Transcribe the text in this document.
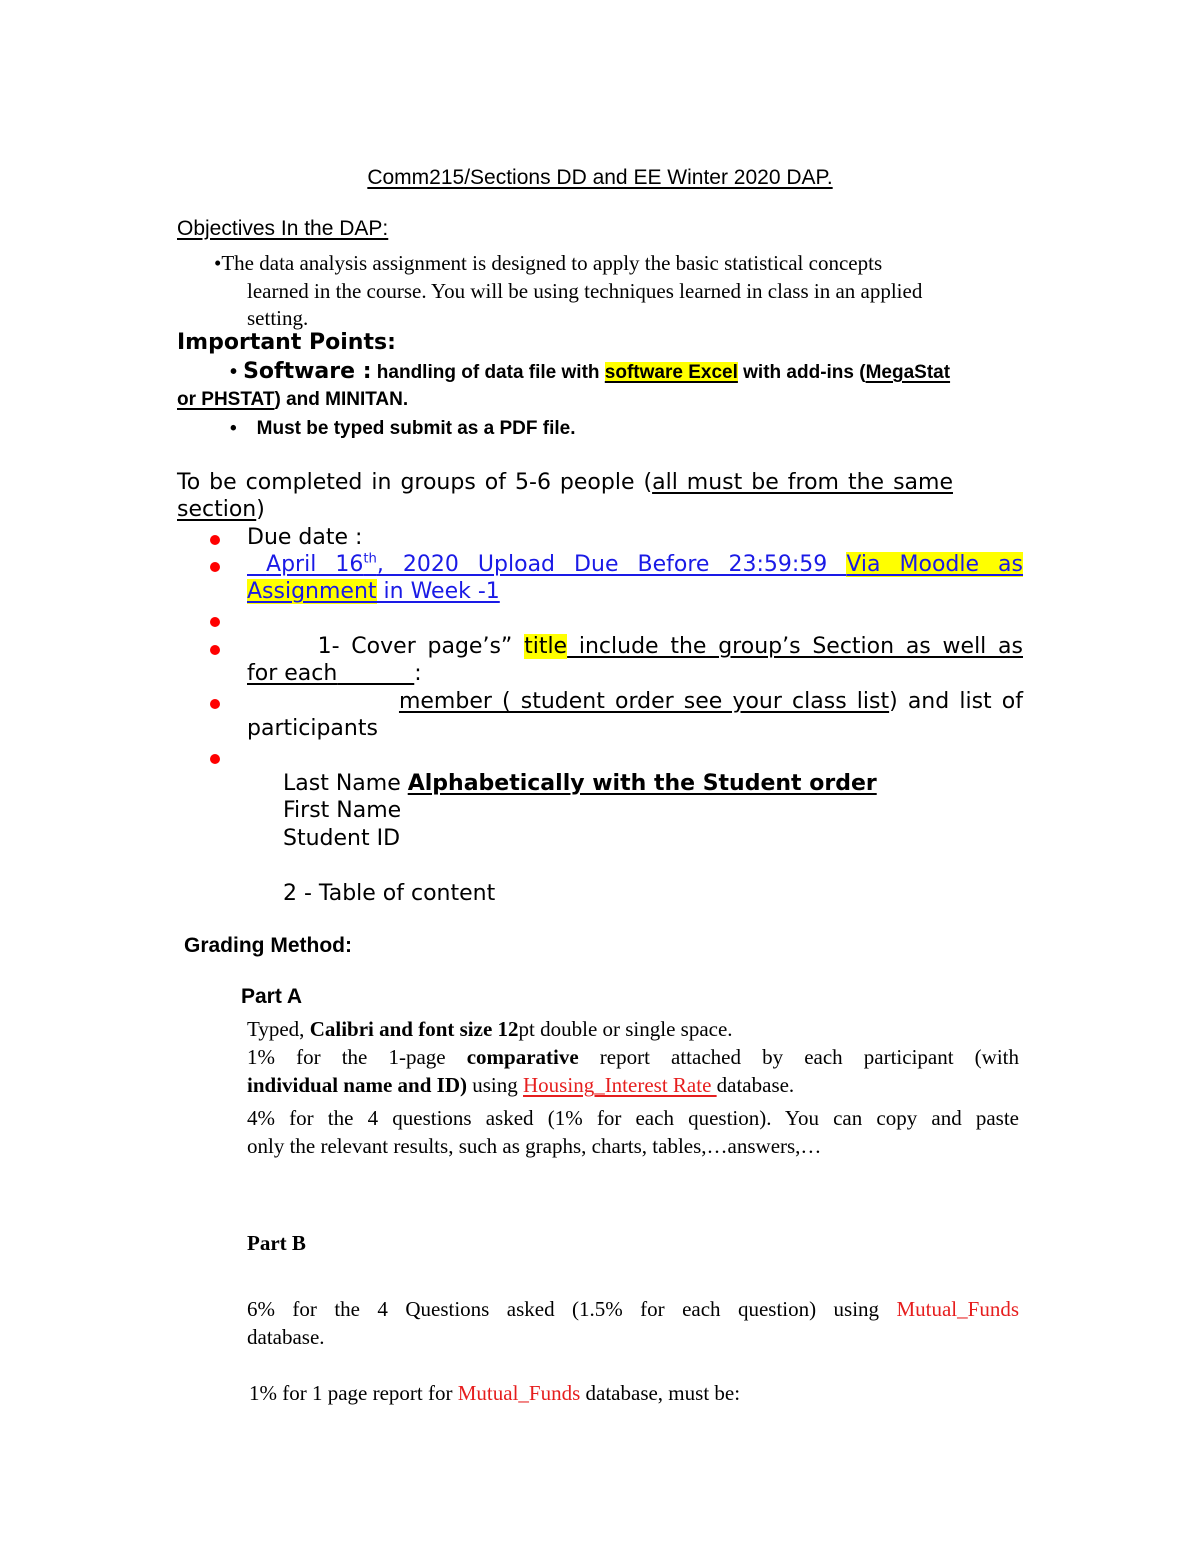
Comm215/Sections DD and EE Winter 2020 DAP.
Objectives In the DAP:
•The data analysis assignment is designed to apply the basic statistical concepts
learned in the course. You will be using techniques learned in class in an applied
setting.
Important Points:
• Software : handling of data file with software Excel with add-ins (MegaStat
or PHSTAT) and MINITAN.
• Must be typed submit as a PDF file.
To be completed in groups of 5-6 people (all must be from the same
section)
Due date :
April 16th, 2020 Upload Due Before 23:59:59 Via Moodle as
Assignment in Week -1
1- Cover page’s” title include the group’s Section as well as
for each	:
member ( student order see your class list) and list of
participants
Last Name Alphabetically with the Student order
First Name
Student ID
2 - Table of content
Grading Method:
Part A
Typed, Calibri and font size 12pt double or single space.
1% for the 1-page comparative report attached by each participant (with
individual name and ID) using Housing_Interest Rate database.
4% for the 4 questions asked (1% for each question). You can copy and paste
only the relevant results, such as graphs, charts, tables,…answers,…
Part B
6% for the 4 Questions asked (1.5% for each question) using Mutual_Funds
database.
1% for 1 page report for Mutual_Funds database, must be:
